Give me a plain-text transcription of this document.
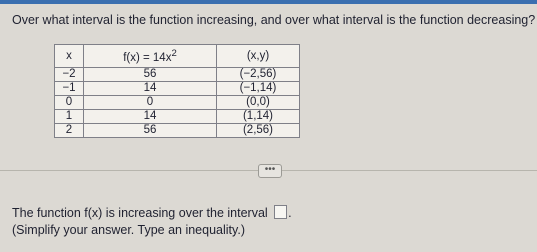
Over what interval is the function increasing, and over what interval is the function decreasing?
x	$f(x) = 14x^2$	(x,y)
−2	56	(−2,56)
−1	14	(−1,14)
0	0	(0,0)
1	14	(1,14)
2	56	(2,56)
•••
The function f(x) is increasing over the interval .
(Simplify your answer. Type an inequality.)
